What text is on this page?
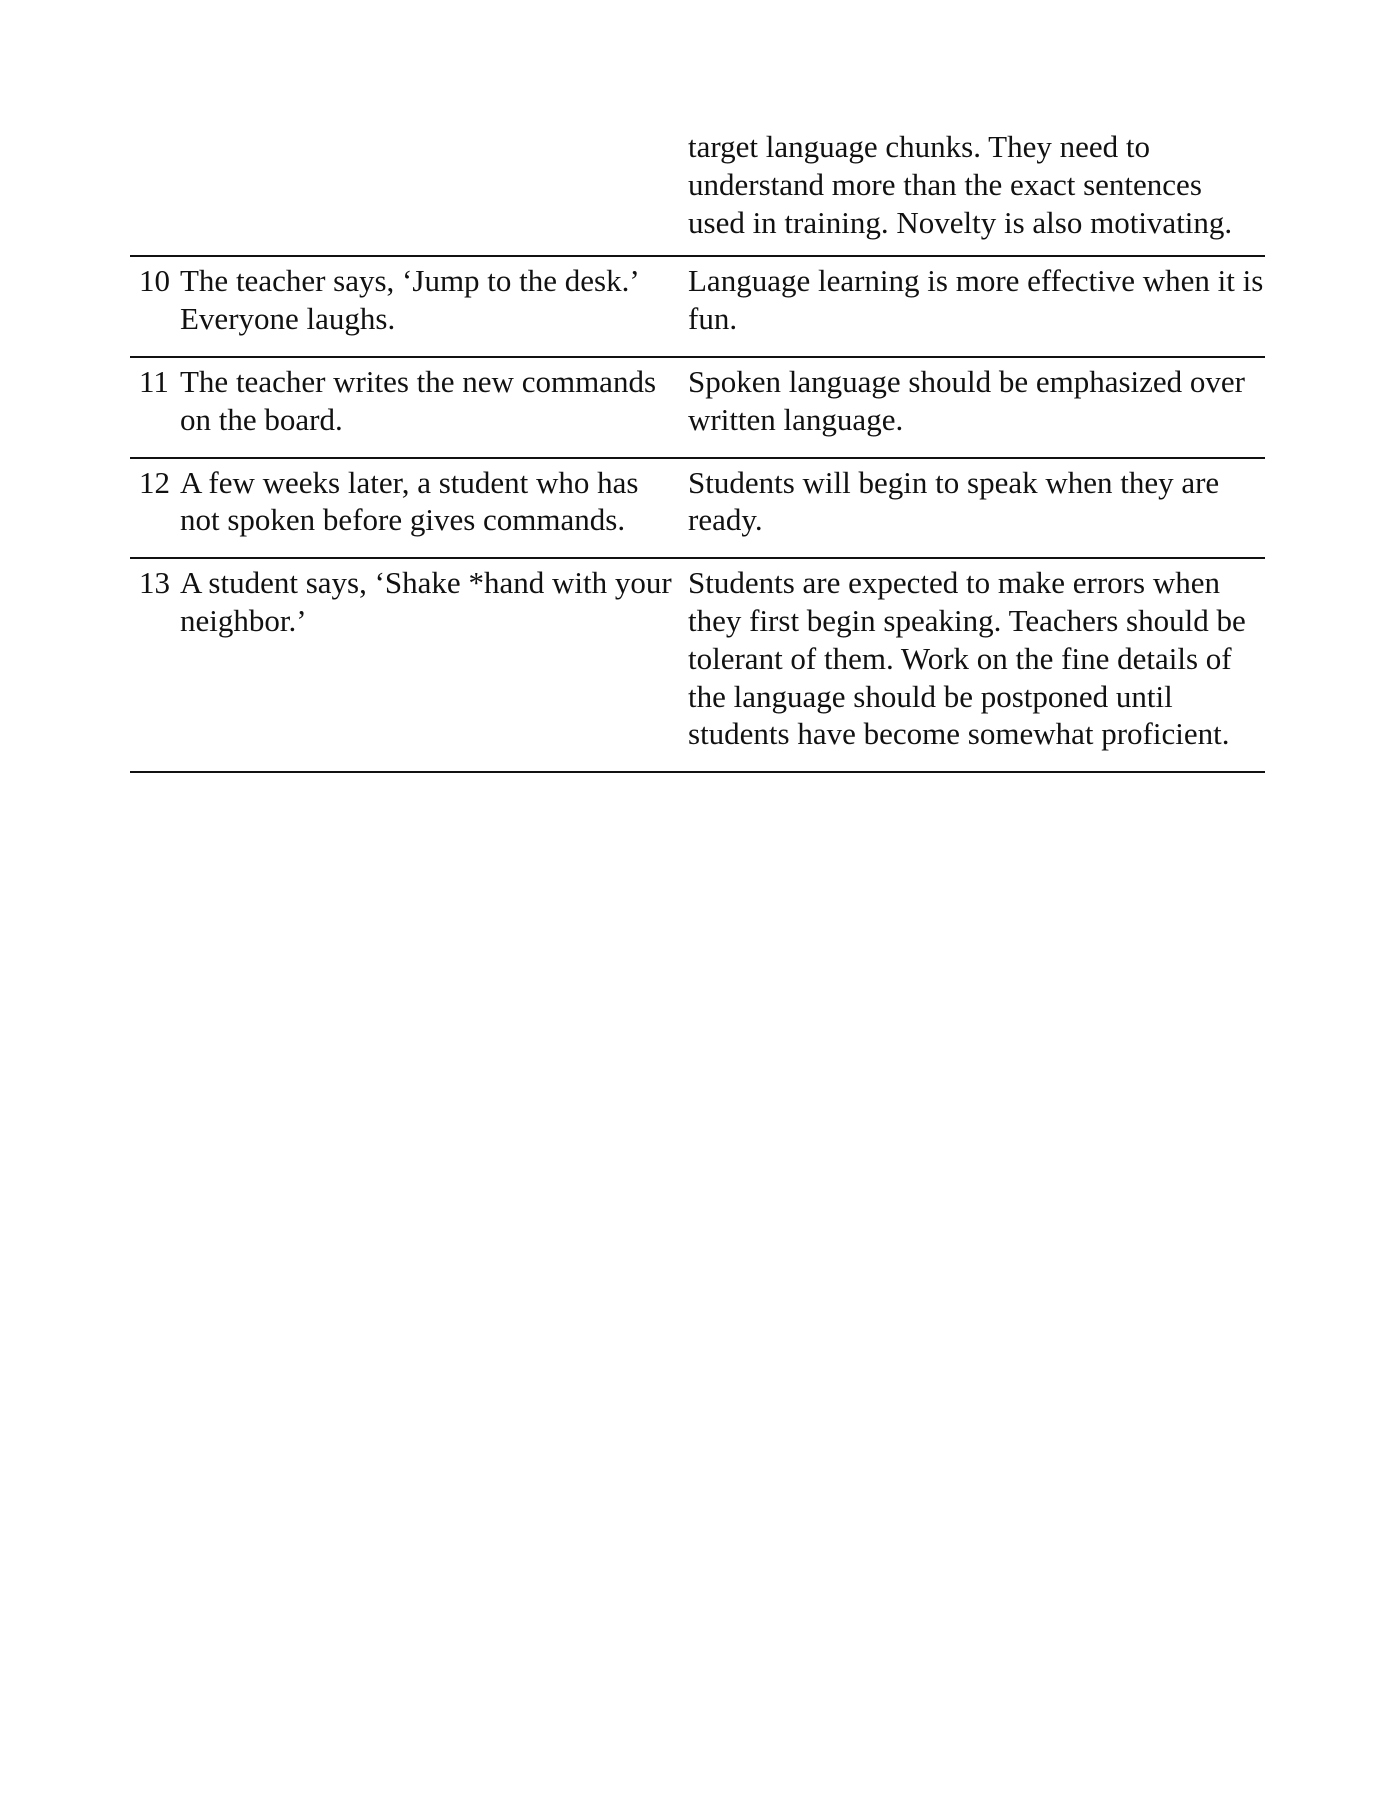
target language chunks. They need to understand more than the exact sentences used in training. Novelty is also motivating.
10 The teacher says, ‘Jump to the desk.’ Everyone laughs.
Language learning is more effective when it is fun.
11 The teacher writes the new commands on the board.
Spoken language should be emphasized over written language.
12 A few weeks later, a student who has not spoken before gives commands.
Students will begin to speak when they are ready.
13 A student says, ‘Shake *hand with your neighbor.’
Students are expected to make errors when they first begin speaking. Teachers should be tolerant of them. Work on the fine details of the language should be postponed until students have become somewhat proficient.
